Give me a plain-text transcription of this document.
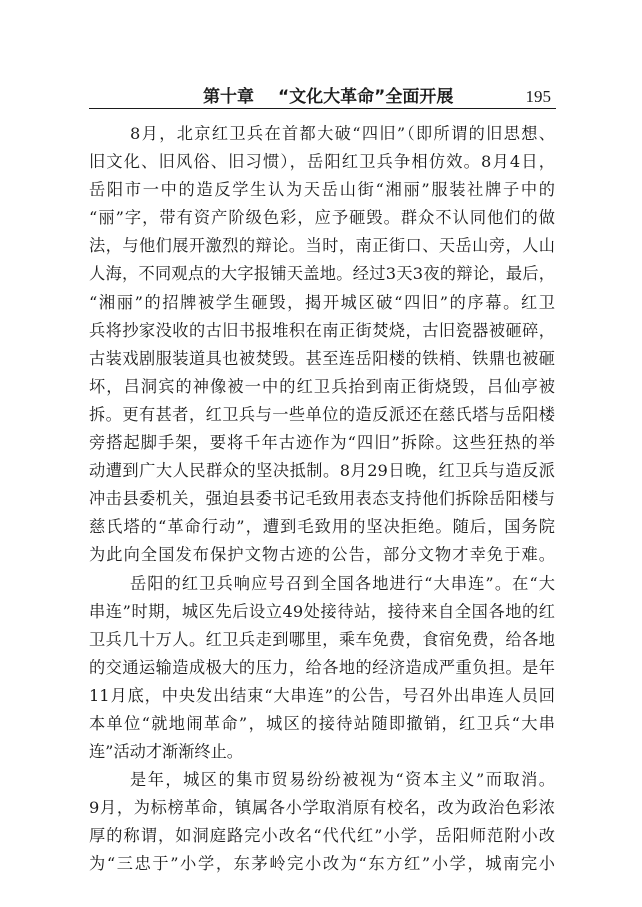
第十章 “文化大革命”全面开展	195
8月，北京红卫兵在首都大破“四旧”（即所谓的旧思想、
旧文化、旧风俗、旧习惯），岳阳红卫兵争相仿效。8月4日，
岳阳市一中的造反学生认为天岳山街“湘丽”服装社牌子中的
“丽”字，带有资产阶级色彩，应予砸毁。群众不认同他们的做
法，与他们展开激烈的辩论。当时，南正街口、天岳山旁，人山
人海，不同观点的大字报铺天盖地。经过3天3夜的辩论，最后，
“湘丽”的招牌被学生砸毁，揭开城区破“四旧”的序幕。红卫
兵将抄家没收的古旧书报堆积在南正街焚烧，古旧瓷器被砸碎，
古装戏剧服装道具也被焚毁。甚至连岳阳楼的铁梢、铁鼎也被砸
坏，吕洞宾的神像被一中的红卫兵抬到南正街烧毁，吕仙亭被
拆。更有甚者，红卫兵与一些单位的造反派还在慈氏塔与岳阳楼
旁搭起脚手架，要将千年古迹作为“四旧”拆除。这些狂热的举
动遭到广大人民群众的坚决抵制。8月29日晚，红卫兵与造反派
冲击县委机关，强迫县委书记毛致用表态支持他们拆除岳阳楼与
慈氏塔的“革命行动”，遭到毛致用的坚决拒绝。随后，国务院
为此向全国发布保护文物古迹的公告，部分文物才幸免于难。
岳阳的红卫兵响应号召到全国各地进行“大串连”。在“大
串连”时期，城区先后设立49处接待站，接待来自全国各地的红
卫兵几十万人。红卫兵走到哪里，乘车免费，食宿免费，给各地
的交通运输造成极大的压力，给各地的经济造成严重负担。是年
11月底，中央发出结束“大串连”的公告，号召外出串连人员回
本单位“就地闹革命”，城区的接待站随即撤销，红卫兵“大串
连”活动才渐渐终止。
是年，城区的集市贸易纷纷被视为“资本主义”而取消。
9月，为标榜革命，镇属各小学取消原有校名，改为政治色彩浓
厚的称谓，如洞庭路完小改名“代代红”小学，岳阳师范附小改
为“三忠于”小学，东茅岭完小改为“东方红”小学，城南完小
